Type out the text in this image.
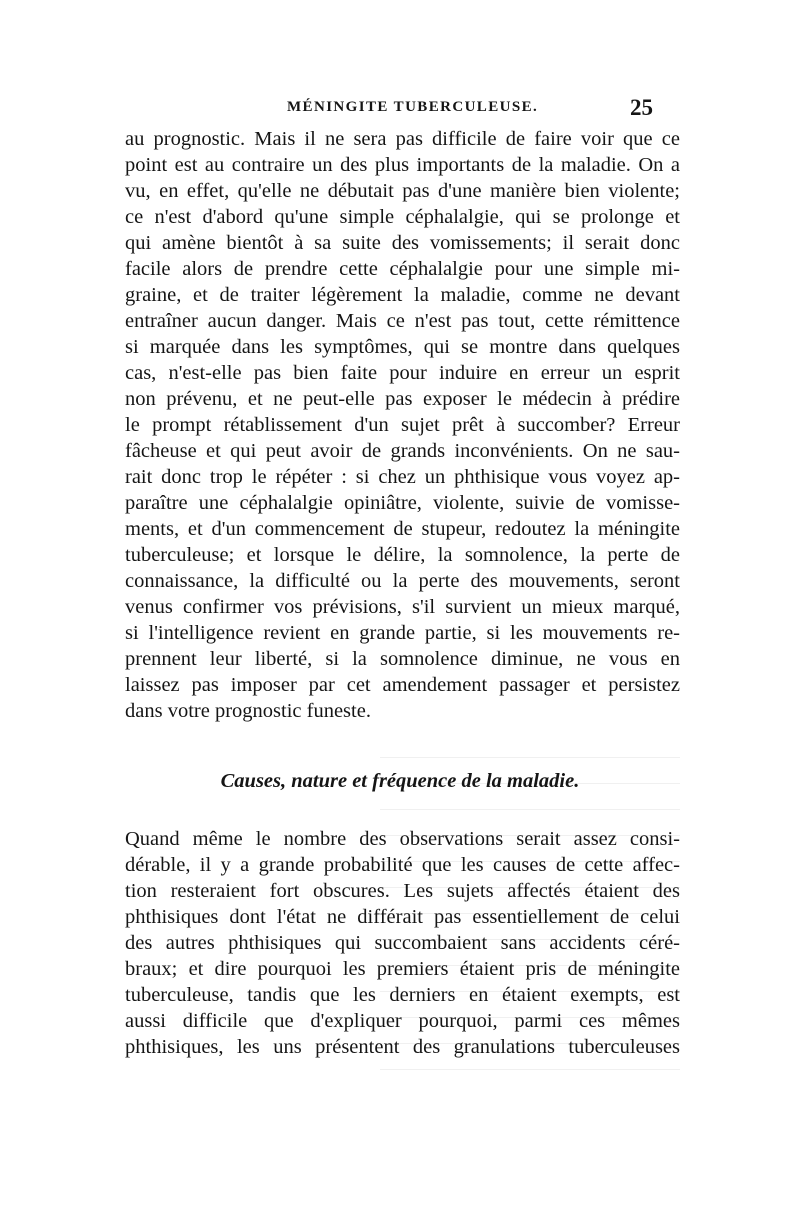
MÉNINGITE TUBERCULEUSE.	25
au prognostic. Mais il ne sera pas difficile de faire voir que ce
point est au contraire un des plus importants de la maladie. On a
vu, en effet, qu'elle ne débutait pas d'une manière bien violente;
ce n'est d'abord qu'une simple céphalalgie, qui se prolonge et
qui amène bientôt à sa suite des vomissements; il serait donc
facile alors de prendre cette céphalalgie pour une simple mi-
graine, et de traiter légèrement la maladie, comme ne devant
entraîner aucun danger. Mais ce n'est pas tout, cette rémittence
si marquée dans les symptômes, qui se montre dans quelques
cas, n'est-elle pas bien faite pour induire en erreur un esprit
non prévenu, et ne peut-elle pas exposer le médecin à prédire
le prompt rétablissement d'un sujet prêt à succomber? Erreur
fâcheuse et qui peut avoir de grands inconvénients. On ne sau-
rait donc trop le répéter : si chez un phthisique vous voyez ap-
paraître une céphalalgie opiniâtre, violente, suivie de vomisse-
ments, et d'un commencement de stupeur, redoutez la méningite
tuberculeuse; et lorsque le délire, la somnolence, la perte de
connaissance, la difficulté ou la perte des mouvements, seront
venus confirmer vos prévisions, s'il survient un mieux marqué,
si l'intelligence revient en grande partie, si les mouvements re-
prennent leur liberté, si la somnolence diminue, ne vous en
laissez pas imposer par cet amendement passager et persistez
dans votre prognostic funeste.
Causes, nature et fréquence de la maladie.
Quand même le nombre des observations serait assez consi-
dérable, il y a grande probabilité que les causes de cette affec-
tion resteraient fort obscures. Les sujets affectés étaient des
phthisiques dont l'état ne différait pas essentiellement de celui
des autres phthisiques qui succombaient sans accidents céré-
braux; et dire pourquoi les premiers étaient pris de méningite
tuberculeuse, tandis que les derniers en étaient exempts, est
aussi difficile que d'expliquer pourquoi, parmi ces mêmes
phthisiques, les uns présentent des granulations tuberculeuses
